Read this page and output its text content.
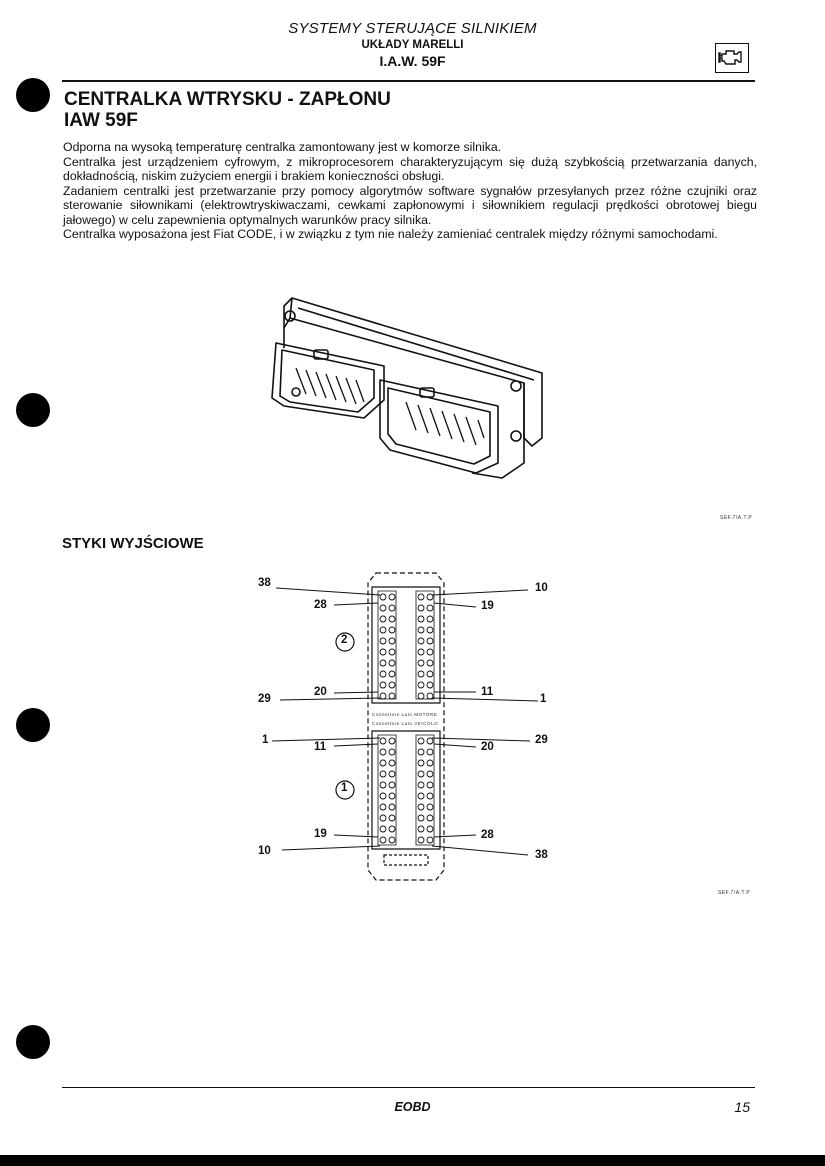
SYSTEMY STERUJĄCE SILNIKIEM
UKŁADY MARELLI
I.A.W. 59F
CENTRALKA WTRYSKU - ZAPŁONU
IAW 59F

Odporna na wysoką temperaturę centralka zamontowany jest w komorze silnika.

Centralka jest urządzeniem cyfrowym, z mikroprocesorem charakteryzującym się dużą szybkością przetwarzania danych, dokładnością, niskim zużyciem energii i brakiem konieczności obsługi.

Zadaniem centralki jest przetwarzanie przy pomocy algorytmów software sygnałów przesyłanych przez różne czujniki oraz sterowanie siłownikami (elektrowtryskiwaczami, cewkami zapłonowymi i siłownikiem regulacji prędkości obrotowej biegu jałowego) w celu zapewnienia optymalnych warunków pracy silnika.

Centralka wyposażona jest Fiat CODE, i w związku z tym nie należy zamieniać centralek między różnymi samochodami.

SEF.7/A.T.P
STYKI WYJŚCIOWE
38
28
10
19
2
29
20	11
1
Connettore Lato MOTORE
Connettore Lato VEICOLO
1
11
29
20
1
19	28
10	38
SEF.7/A.T.P
EOBD	15
